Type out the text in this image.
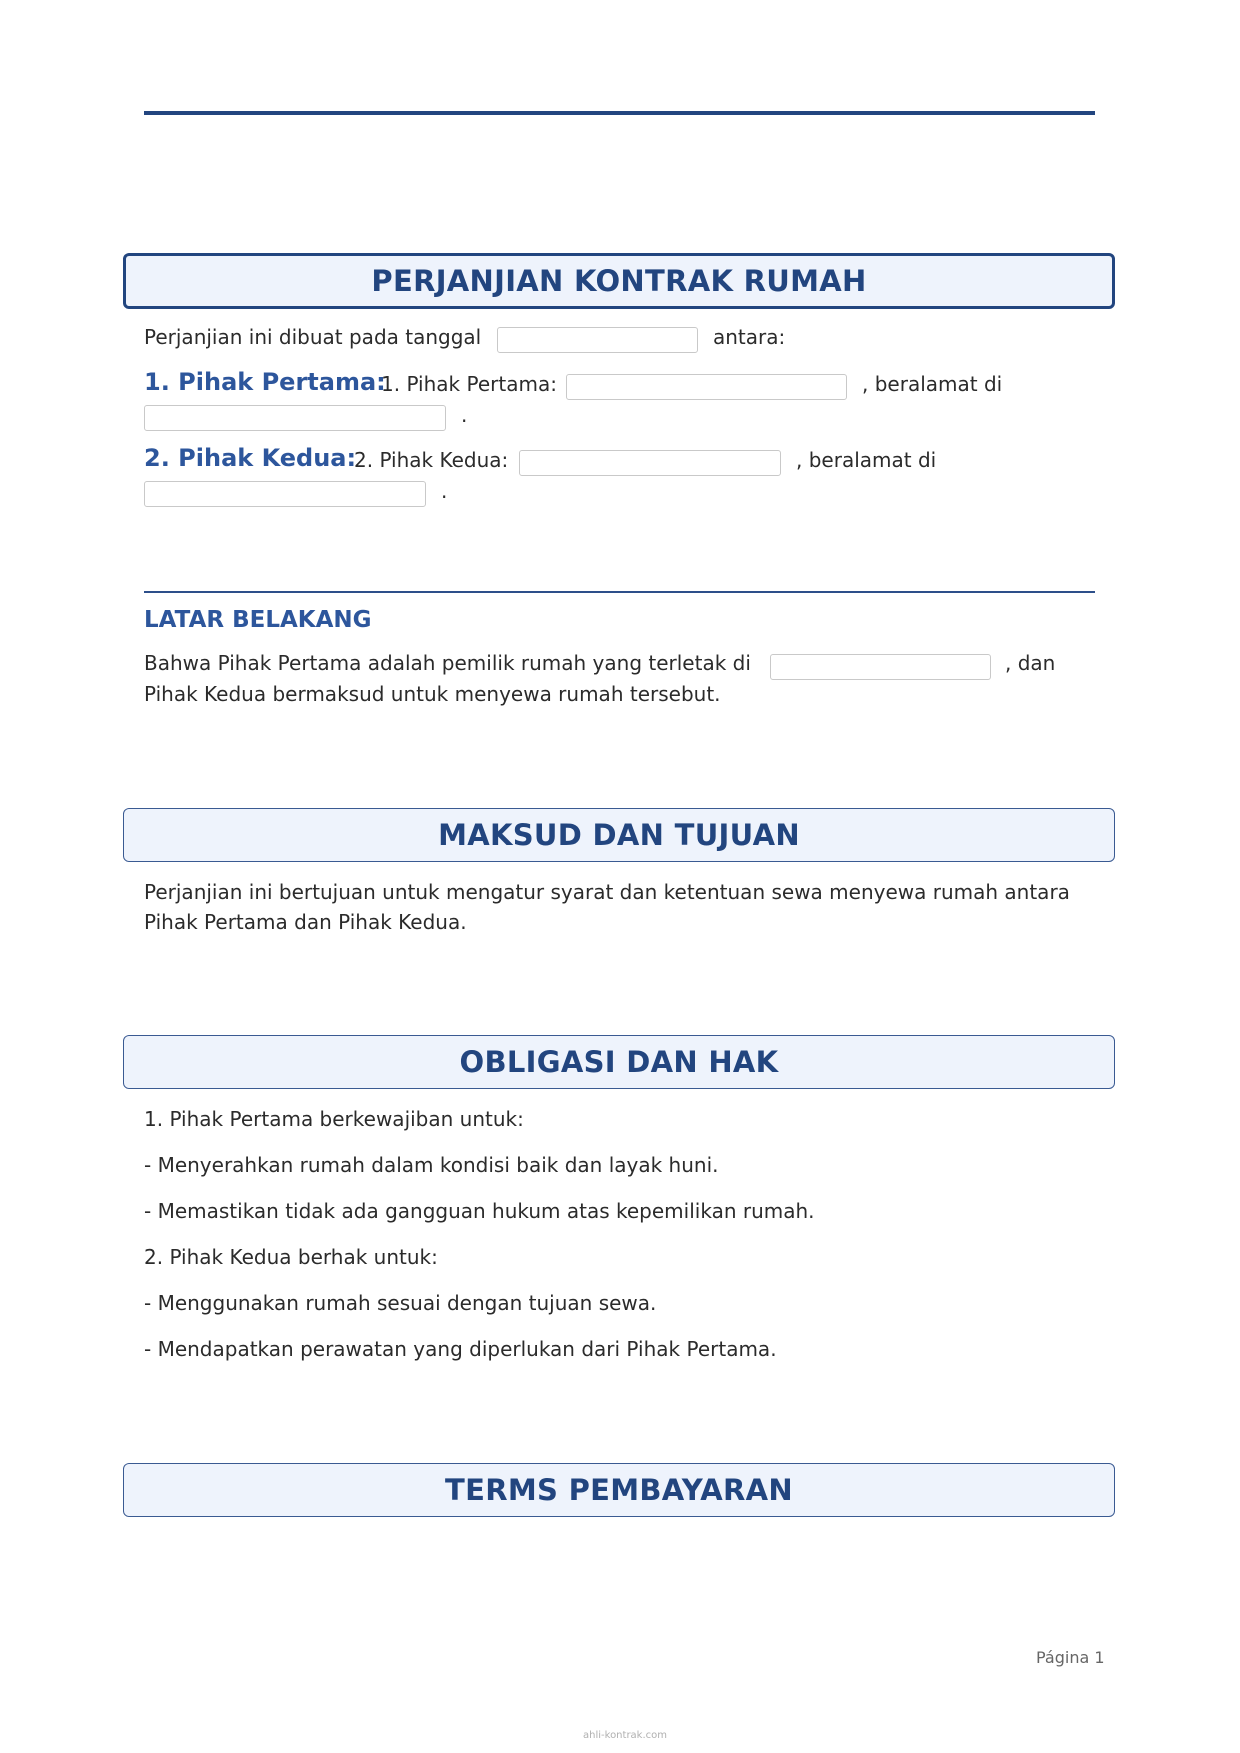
PERJANJIAN KONTRAK RUMAH
Perjanjian ini dibuat pada tanggal	antara:
1. Pihak Pertama:
1. Pihak Pertama:	, beralamat di
.
2. Pihak Kedua:
2. Pihak Kedua:	, beralamat di
.
LATAR BELAKANG
Bahwa Pihak Pertama adalah pemilik rumah yang terletak di	, dan
Pihak Kedua bermaksud untuk menyewa rumah tersebut.
MAKSUD DAN TUJUAN
Perjanjian ini bertujuan untuk mengatur syarat dan ketentuan sewa menyewa rumah antara
Pihak Pertama dan Pihak Kedua.
OBLIGASI DAN HAK
1. Pihak Pertama berkewajiban untuk:
- Menyerahkan rumah dalam kondisi baik dan layak huni.
- Memastikan tidak ada gangguan hukum atas kepemilikan rumah.
2. Pihak Kedua berhak untuk:
- Menggunakan rumah sesuai dengan tujuan sewa.
- Mendapatkan perawatan yang diperlukan dari Pihak Pertama.
TERMS PEMBAYARAN
Página 1
ahli-kontrak.com
